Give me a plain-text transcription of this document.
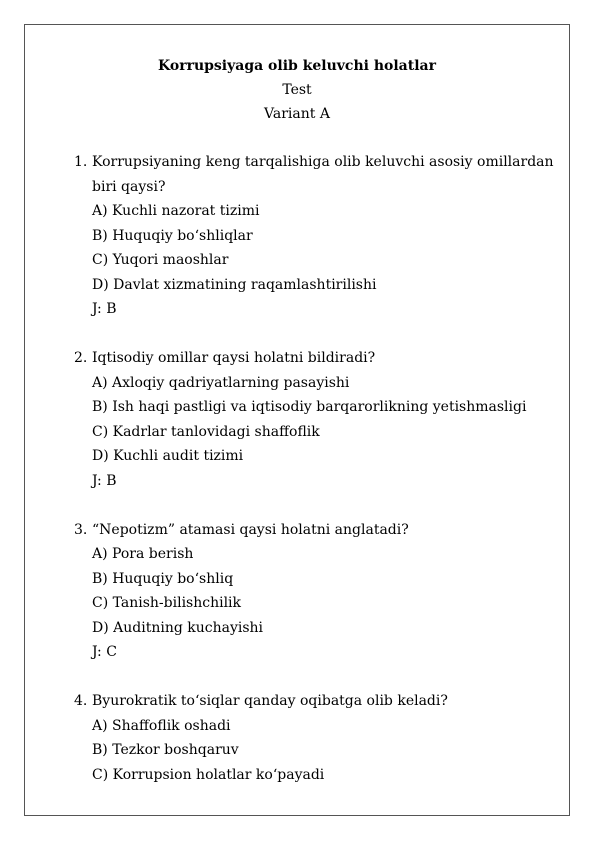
Korrupsiyaga olib keluvchi holatlar
Test
Variant A
1. Korrupsiyaning keng tarqalishiga olib keluvchi asosiy omillardan biri qaysi?
A) Kuchli nazorat tizimi
B) Huquqiy bo‘shliqlar
C) Yuqori maoshlar
D) Davlat xizmatining raqamlashtirilishi
J: B
2. Iqtisodiy omillar qaysi holatni bildiradi?
A) Axloqiy qadriyatlarning pasayishi
B) Ish haqi pastligi va iqtisodiy barqarorlikning yetishmasligi
C) Kadrlar tanlovidagi shaffoflik
D) Kuchli audit tizimi
J: B
3. “Nepotizm” atamasi qaysi holatni anglatadi?
A) Pora berish
B) Huquqiy bo‘shliq
C) Tanish-bilishchilik
D) Auditning kuchayishi
J: C
4. Byurokratik to‘siqlar qanday oqibatga olib keladi?
A) Shaffoflik oshadi
B) Tezkor boshqaruv
C) Korrupsion holatlar ko‘payadi
